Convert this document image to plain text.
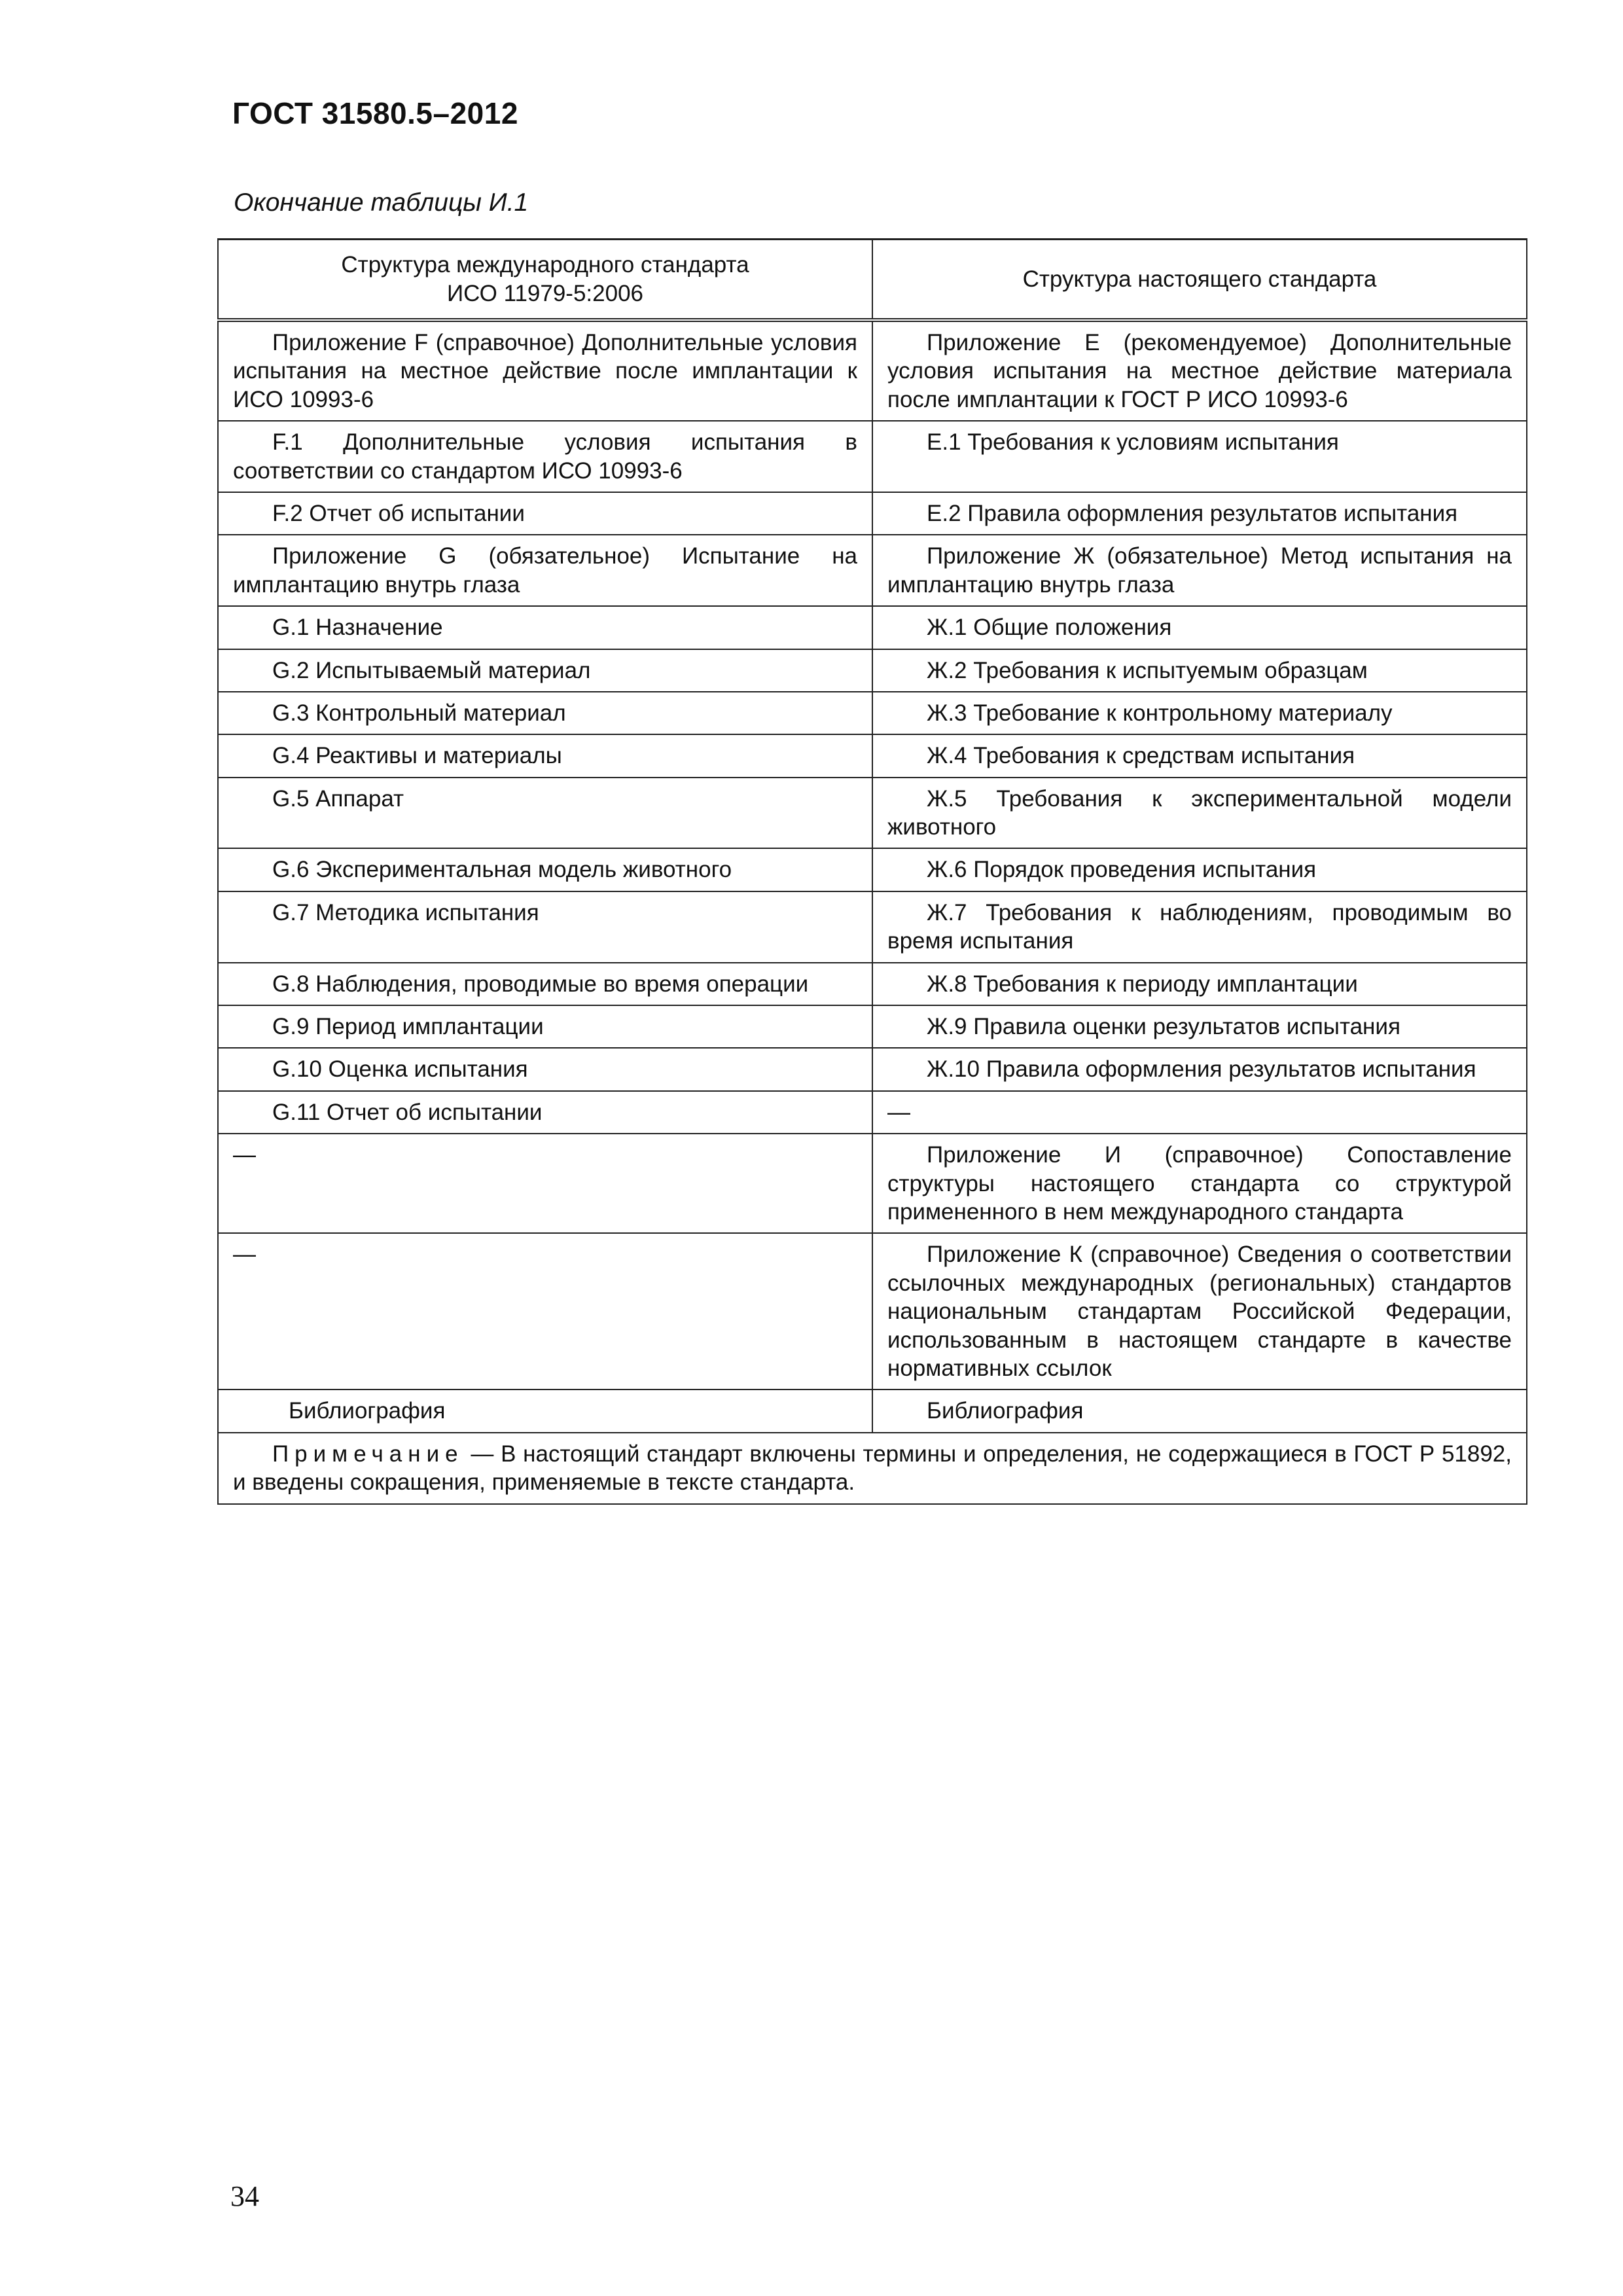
ГОСТ 31580.5–2012

Окончание таблицы И.1

Структура международного стандарта
ИСО 11979-5:2006	Структура настоящего стандарта
Приложение F (справочное) Дополнительные условия испытания на местное действие после имплантации к ИСО 10993-6	Приложение Е (рекомендуемое) Дополнительные условия испытания на местное действие материала после имплантации к ГОСТ Р ИСО 10993-6
F.1 Дополнительные условия испытания в соответствии со стандартом ИСО 10993-6	Е.1 Требования к условиям испытания
F.2 Отчет об испытании	Е.2 Правила оформления результатов испытания
Приложение G (обязательное) Испытание на имплантацию внутрь глаза	Приложение Ж (обязательное) Метод испытания на имплантацию внутрь глаза
G.1 Назначение	Ж.1 Общие положения
G.2 Испытываемый материал	Ж.2 Требования к испытуемым образцам
G.3 Контрольный материал	Ж.3 Требование к контрольному материалу
G.4 Реактивы и материалы	Ж.4 Требования к средствам испытания
G.5 Аппарат	Ж.5 Требования к экспериментальной модели животного
G.6 Экспериментальная модель животного	Ж.6 Порядок проведения испытания
G.7 Методика испытания	Ж.7 Требования к наблюдениям, проводимым во время испытания
G.8 Наблюдения, проводимые во время операции	Ж.8 Требования к периоду имплантации
G.9 Период имплантации	Ж.9 Правила оценки результатов испытания
G.10 Оценка испытания	Ж.10 Правила оформления результатов испытания
G.11 Отчет об испытании	—
—	Приложение И (справочное) Сопоставление структуры настоящего стандарта со структурой примененного в нем международного стандарта
—	Приложение К (справочное) Сведения о соответствии ссылочных международных (региональных) стандартов национальным стандартам Российской Федерации, использованным в настоящем стандарте в качестве нормативных ссылок
Библиография	Библиография
Примечание — В настоящий стандарт включены термины и определения, не содержащиеся в ГОСТ Р 51892, и введены сокращения, применяемые в тексте стандарта.	

34
